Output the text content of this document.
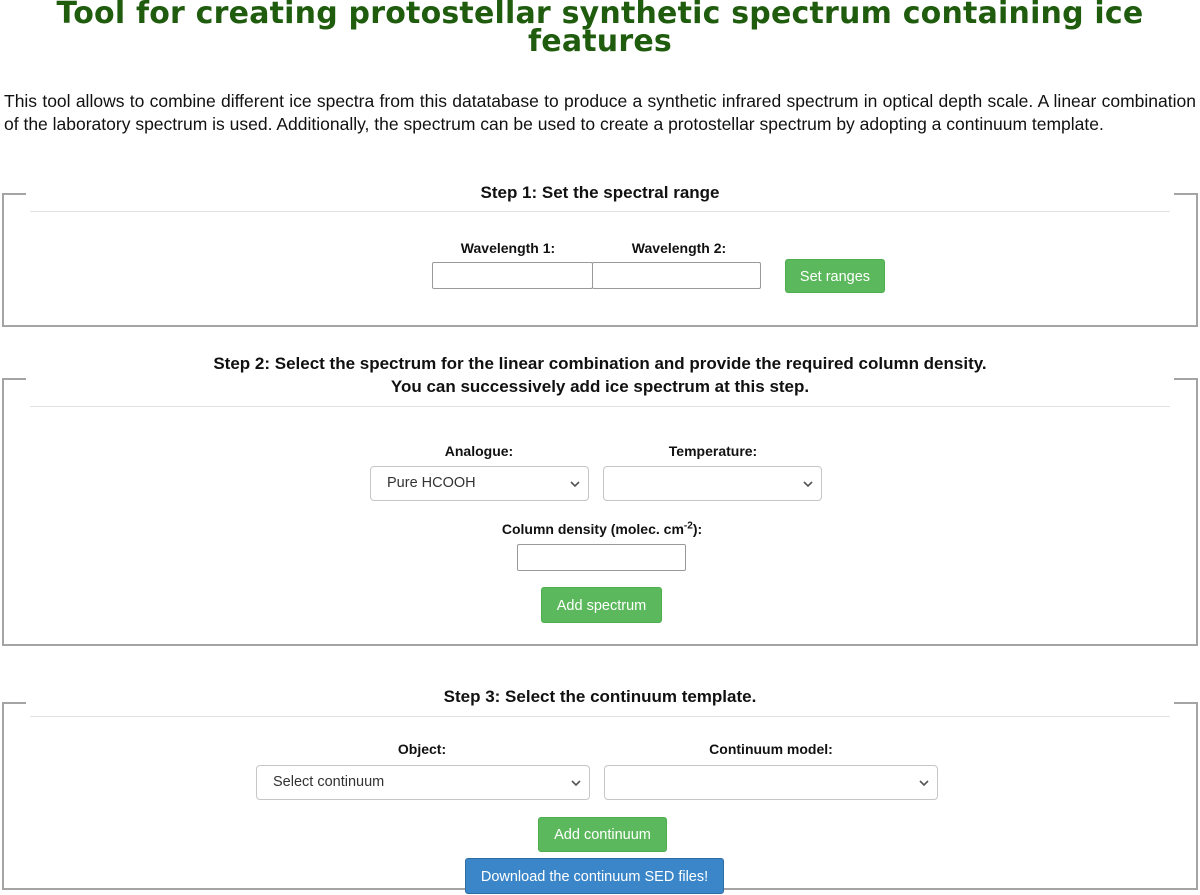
Tool for creating protostellar synthetic spectrum containing ice features

This tool allows to combine different ice spectra from this datatabase to produce a synthetic infrared spectrum in optical depth scale. A linear combination of the laboratory spectrum is used. Additionally, the spectrum can be used to create a protostellar spectrum by adopting a continuum template.

Step 1: Set the spectral range
Wavelength 1:	Wavelength 2:
Set ranges
Step 2: Select the spectrum for the linear combination and provide the required column density.
You can successively add ice spectrum at this step.
Analogue:	Temperature:
Pure HCOOH
Column density (molec. $cm^{-2}$):
Add spectrum
Step 3: Select the continuum template.
Object:	Continuum model:
Select continuum
Add continuum
Download the continuum SED files!
